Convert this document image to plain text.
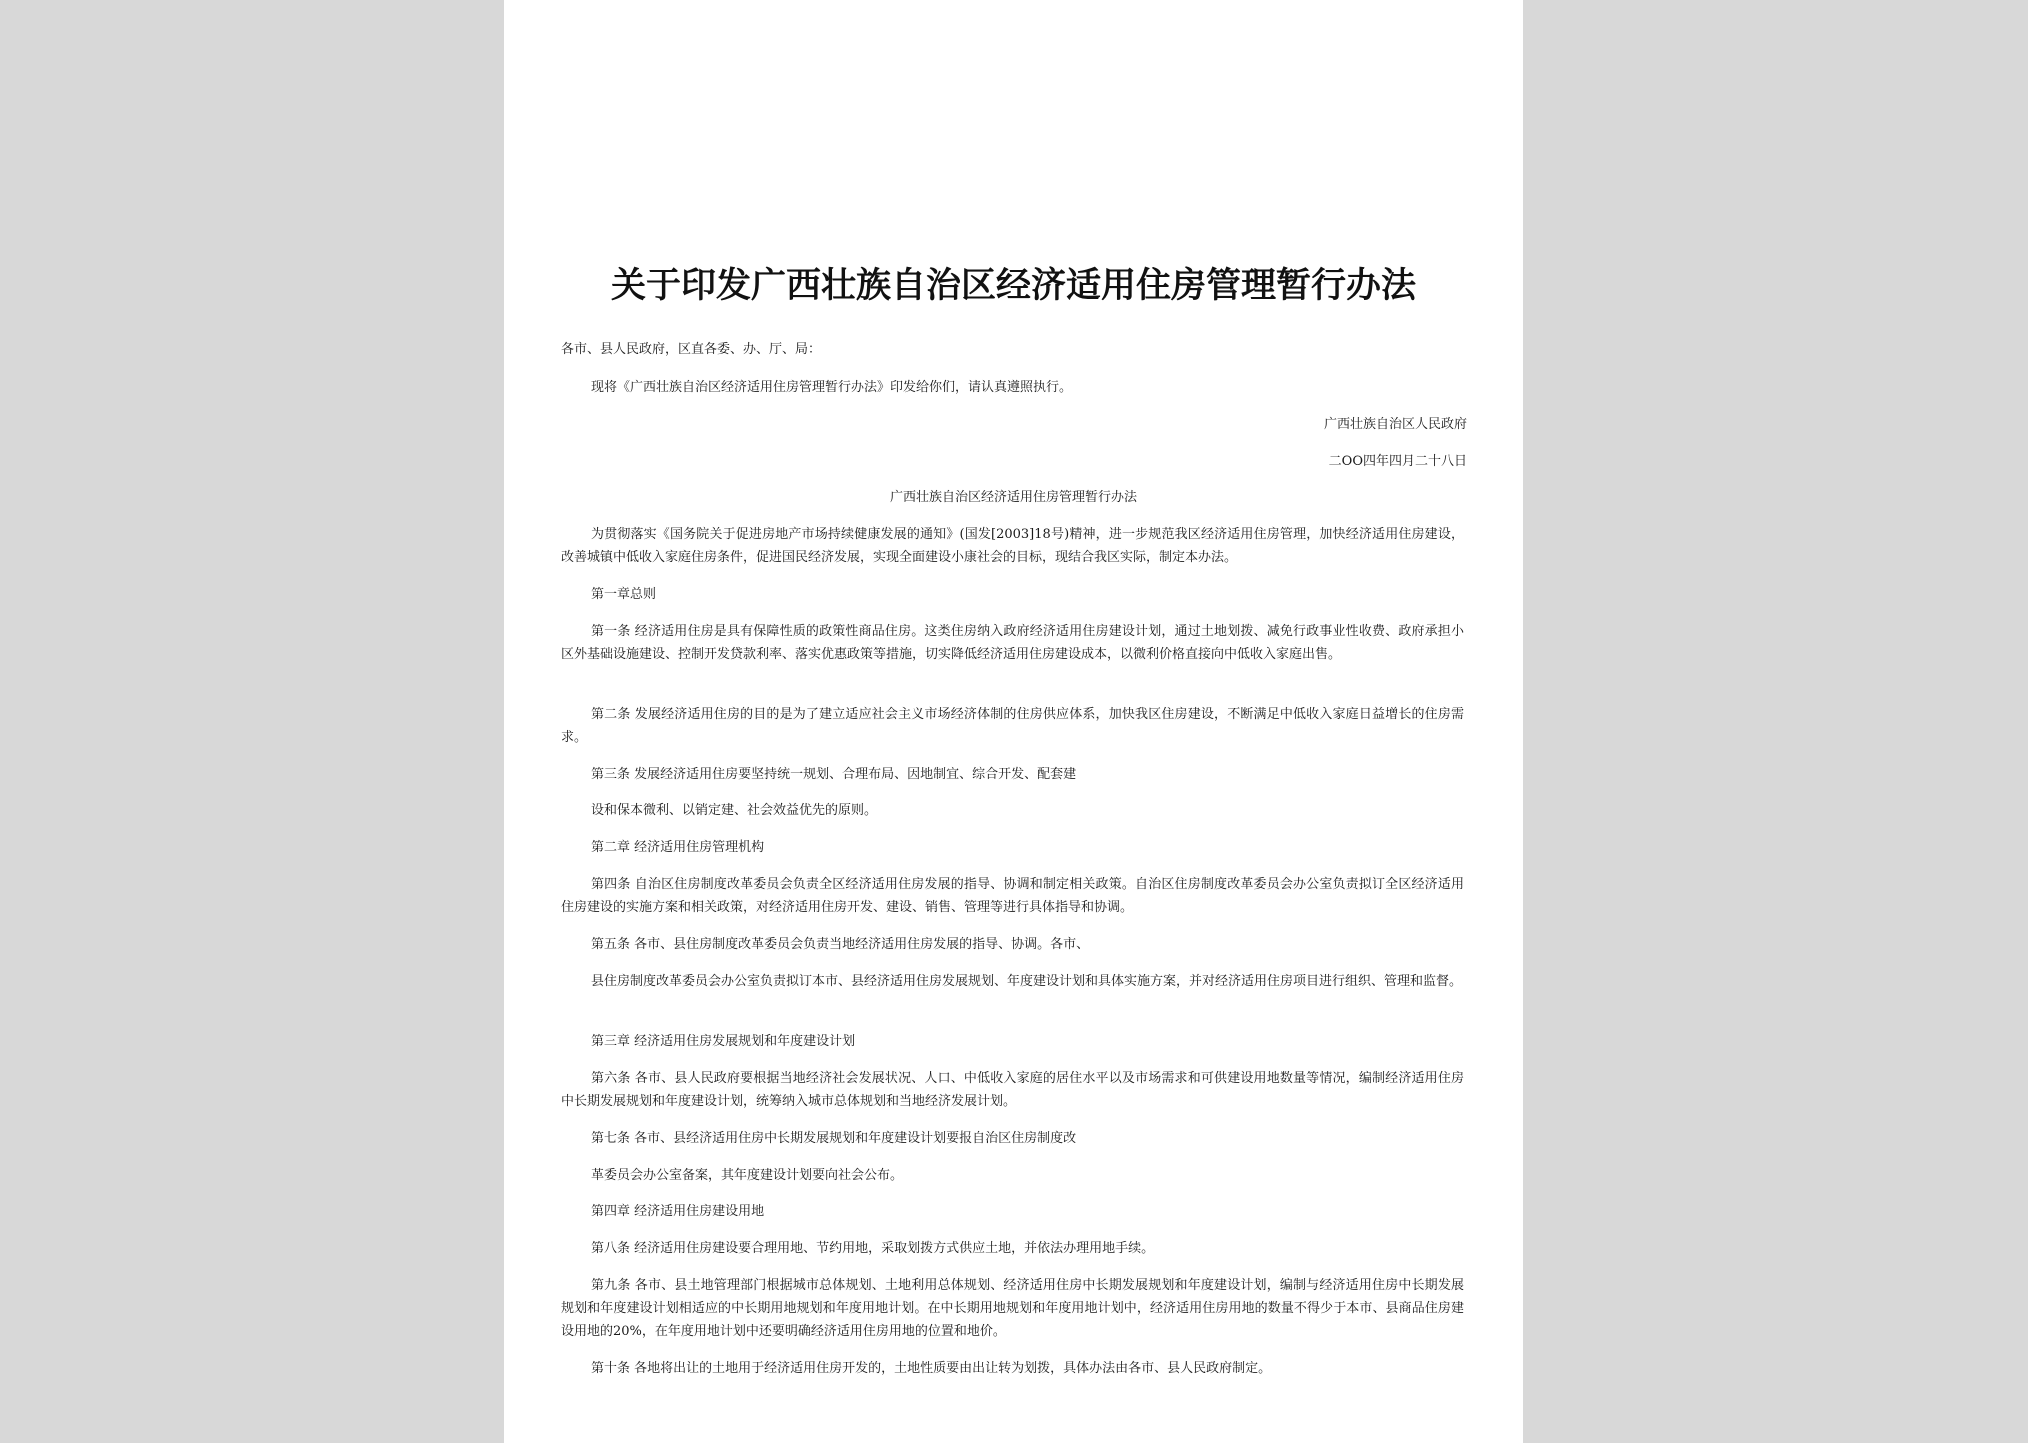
关于印发广西壮族自治区经济适用住房管理暂行办法

各市、县人民政府，区直各委、办、厅、局：

现将《广西壮族自治区经济适用住房管理暂行办法》印发给你们，请认真遵照执行。

广西壮族自治区人民政府

二OO四年四月二十八日

广西壮族自治区经济适用住房管理暂行办法

为贯彻落实《国务院关于促进房地产市场持续健康发展的通知》(国发[2003]18号)精神，进一步规范我区经济适用住房管理，加快经济适用住房建设，改善城镇中低收入家庭住房条件，促进国民经济发展，实现全面建设小康社会的目标，现结合我区实际，制定本办法。

第一章总则

第一条 经济适用住房是具有保障性质的政策性商品住房。这类住房纳入政府经济适用住房建设计划，通过土地划拨、减免行政事业性收费、政府承担小区外基础设施建设、控制开发贷款利率、落实优惠政策等措施，切实降低经济适用住房建设成本，以微利价格直接向中低收入家庭出售。

第二条 发展经济适用住房的目的是为了建立适应社会主义市场经济体制的住房供应体系，加快我区住房建设，不断满足中低收入家庭日益增长的住房需求。

第三条 发展经济适用住房要坚持统一规划、合理布局、因地制宜、综合开发、配套建

设和保本微利、以销定建、社会效益优先的原则。

第二章 经济适用住房管理机构

第四条 自治区住房制度改革委员会负责全区经济适用住房发展的指导、协调和制定相关政策。自治区住房制度改革委员会办公室负责拟订全区经济适用住房建设的实施方案和相关政策，对经济适用住房开发、建设、销售、管理等进行具体指导和协调。

第五条 各市、县住房制度改革委员会负责当地经济适用住房发展的指导、协调。各市、

县住房制度改革委员会办公室负责拟订本市、县经济适用住房发展规划、年度建设计划和具体实施方案，并对经济适用住房项目进行组织、管理和监督。

第三章 经济适用住房发展规划和年度建设计划

第六条 各市、县人民政府要根据当地经济社会发展状况、人口、中低收入家庭的居住水平以及市场需求和可供建设用地数量等情况，编制经济适用住房中长期发展规划和年度建设计划，统筹纳入城市总体规划和当地经济发展计划。

第七条 各市、县经济适用住房中长期发展规划和年度建设计划要报自治区住房制度改

革委员会办公室备案，其年度建设计划要向社会公布。

第四章 经济适用住房建设用地

第八条 经济适用住房建设要合理用地、节约用地，采取划拨方式供应土地，并依法办理用地手续。

第九条 各市、县土地管理部门根据城市总体规划、土地利用总体规划、经济适用住房中长期发展规划和年度建设计划，编制与经济适用住房中长期发展规划和年度建设计划相适应的中长期用地规划和年度用地计划。在中长期用地规划和年度用地计划中，经济适用住房用地的数量不得少于本市、县商品住房建设用地的20%，在年度用地计划中还要明确经济适用住房用地的位置和地价。

第十条 各地将出让的土地用于经济适用住房开发的，土地性质要由出让转为划拨，具体办法由各市、县人民政府制定。
